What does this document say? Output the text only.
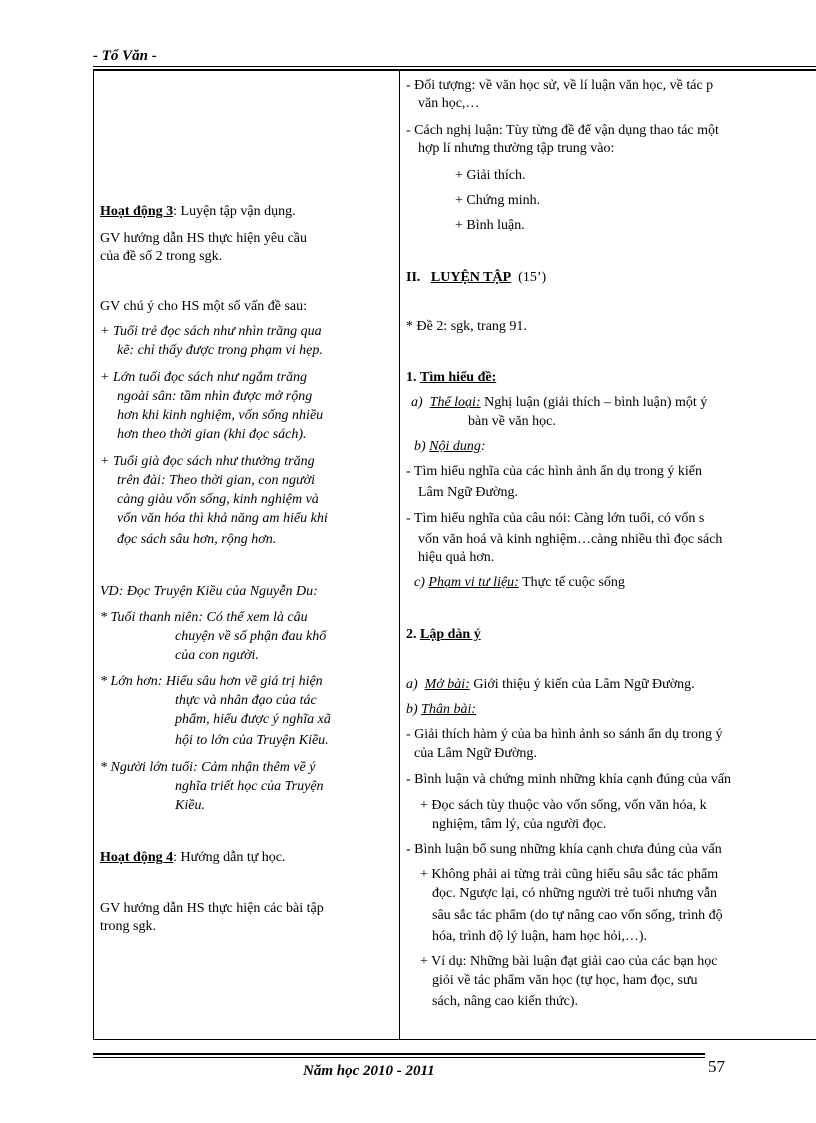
- Tổ Văn -
Hoạt động 3: Luyện tập vận dụng.
GV hướng dẫn HS thực hiện yêu cầu
của đề số 2 trong sgk.
GV chú ý cho HS một số vấn đề sau:
+ Tuổi trẻ đọc sách như nhìn trăng qua
kẽ: chỉ thấy được trong phạm vi hẹp.
+ Lớn tuổi đọc sách như ngắm trăng
ngoài sân: tầm nhìn được mở rộng
hơn khi kinh nghiệm, vốn sống nhiều
hơn theo thời gian (khi đọc sách).
+ Tuổi già đọc sách như thưởng trăng
trên đài: Theo thời gian, con người
càng giàu vốn sống, kinh nghiệm và
vốn văn hóa thì khả năng am hiểu khi
đọc sách sâu hơn, rộng hơn.
VD: Đọc Truyện Kiều của Nguyễn Du:
* Tuổi thanh niên: Có thể xem là câu
chuyện về số phận đau khổ
của con người.
* Lớn hơn: Hiểu sâu hơn về giá trị hiện
thực và nhân đạo của tác
phẩm, hiểu được ý nghĩa xã
hội to lớn của Truyện Kiều.
* Người lớn tuổi: Cảm nhận thêm về ý
nghĩa triết học của Truyện
Kiều.
Hoạt động 4: Hướng dẫn tự học.
GV hướng dẫn HS thực hiện các bài tập
trong sgk.
- Đối tượng: về văn học sử, về lí luận văn học, về tác p
văn học,…
- Cách nghị luận: Tùy từng đề để vận dụng thao tác một
hợp lí nhưng thường tập trung vào:
+ Giải thích.
+ Chứng minh.
+ Bình luận.
II. LUYỆN TẬP (15’)
* Đề 2: sgk, trang 91.
1. Tìm hiểu đề:
a) Thể loại: Nghị luận (giải thích – bình luận) một ý
bàn về văn học.
b) Nội dung:
- Tìm hiểu nghĩa của các hình ảnh ẩn dụ trong ý kiến
Lâm Ngữ Đường.
- Tìm hiểu nghĩa của câu nói: Càng lớn tuổi, có vốn s
vốn văn hoá và kinh nghiệm…càng nhiều thì đọc sách
hiệu quả hơn.
c) Phạm vi tư liệu: Thực tế cuộc sống
2. Lập dàn ý
a) Mở bài: Giới thiệu ý kiến của Lâm Ngữ Đường.
b) Thân bài:
- Giải thích hàm ý của ba hình ảnh so sánh ẩn dụ trong ý
của Lâm Ngữ Đường.
- Bình luận và chứng minh những khía cạnh đúng của vấn
+ Đọc sách tùy thuộc vào vốn sống, vốn văn hóa, k
nghiệm, tâm lý, của người đọc.
- Bình luận bổ sung những khía cạnh chưa đúng của vấn
+ Không phải ai từng trải cũng hiểu sâu sắc tác phẩm
đọc. Ngược lại, có những người trẻ tuổi nhưng vẫn
sâu sắc tác phẩm (do tự nâng cao vốn sống, trình độ
hóa, trình độ lý luận, ham học hỏi,…).
+ Ví dụ: Những bài luận đạt giải cao của các bạn học
giỏi về tác phẩm văn học (tự học, ham đọc, sưu
sách, nâng cao kiến thức).
Năm học 2010 - 2011	57
